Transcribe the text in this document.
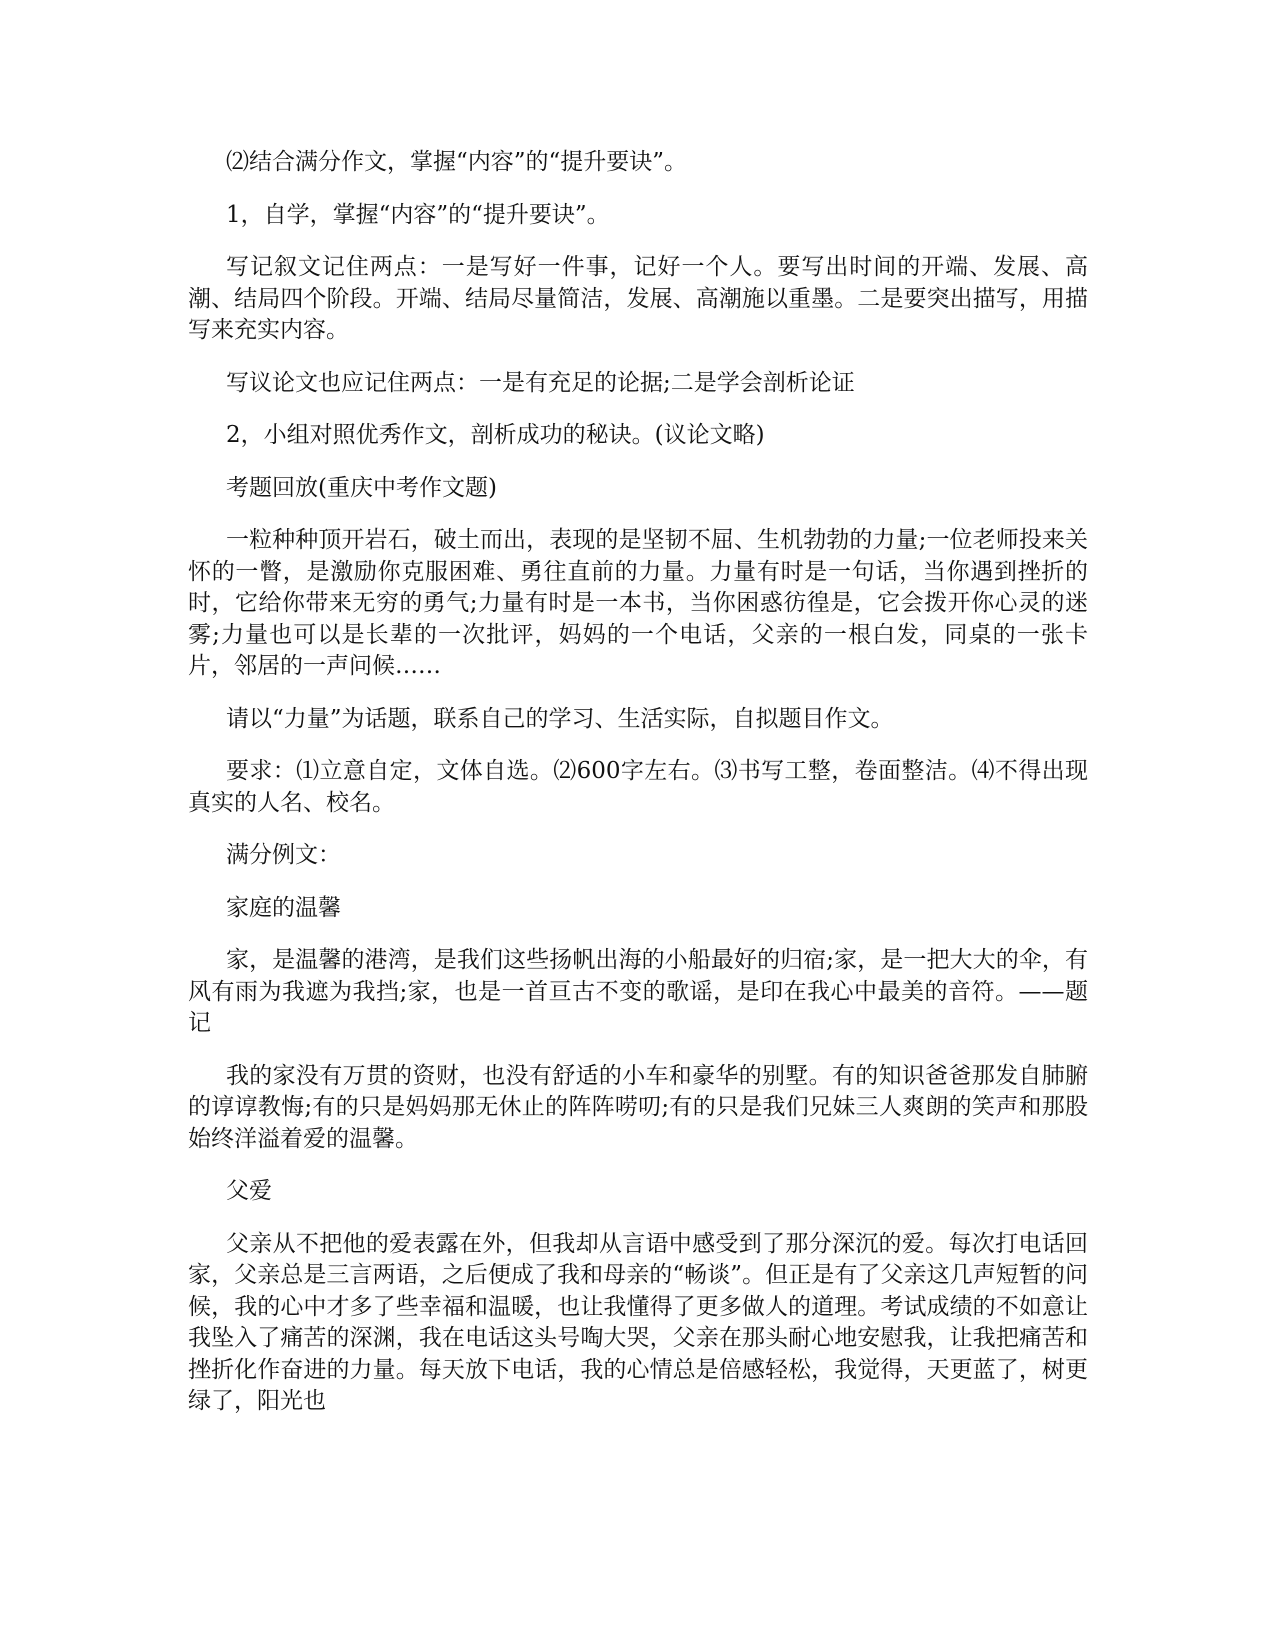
⑵结合满分作文，掌握“内容”的“提升要诀”。

1，自学，掌握“内容”的“提升要诀”。

写记叙文记住两点：一是写好一件事，记好一个人。要写出时间的开端、发展、高潮、结局四个阶段。开端、结局尽量简洁，发展、高潮施以重墨。二是要突出描写，用描写来充实内容。

写议论文也应记住两点：一是有充足的论据;二是学会剖析论证

2，小组对照优秀作文，剖析成功的秘诀。(议论文略)

考题回放(重庆中考作文题)

一粒种种顶开岩石，破土而出，表现的是坚韧不屈、生机勃勃的力量;一位老师投来关怀的一瞥，是激励你克服困难、勇往直前的力量。力量有时是一句话，当你遇到挫折的时，它给你带来无穷的勇气;力量有时是一本书，当你困惑彷徨是，它会拨开你心灵的迷雾;力量也可以是长辈的一次批评，妈妈的一个电话，父亲的一根白发，同桌的一张卡片，邻居的一声问候……

请以“力量”为话题，联系自己的学习、生活实际，自拟题目作文。

要求：⑴立意自定，文体自选。⑵600字左右。⑶书写工整，卷面整洁。⑷不得出现真实的人名、校名。

满分例文：

家庭的温馨

家，是温馨的港湾，是我们这些扬帆出海的小船最好的归宿;家，是一把大大的伞，有风有雨为我遮为我挡;家，也是一首亘古不变的歌谣，是印在我心中最美的音符。——题记

我的家没有万贯的资财，也没有舒适的小车和豪华的别墅。有的知识爸爸那发自肺腑的谆谆教悔;有的只是妈妈那无休止的阵阵唠叨;有的只是我们兄妹三人爽朗的笑声和那股始终洋溢着爱的温馨。

父爱

父亲从不把他的爱表露在外，但我却从言语中感受到了那分深沉的爱。每次打电话回家，父亲总是三言两语，之后便成了我和母亲的“畅谈”。但正是有了父亲这几声短暂的问候，我的心中才多了些幸福和温暖，也让我懂得了更多做人的道理。考试成绩的不如意让我坠入了痛苦的深渊，我在电话这头号啕大哭，父亲在那头耐心地安慰我，让我把痛苦和挫折化作奋进的力量。每天放下电话，我的心情总是倍感轻松，我觉得，天更蓝了，树更绿了，阳光也
